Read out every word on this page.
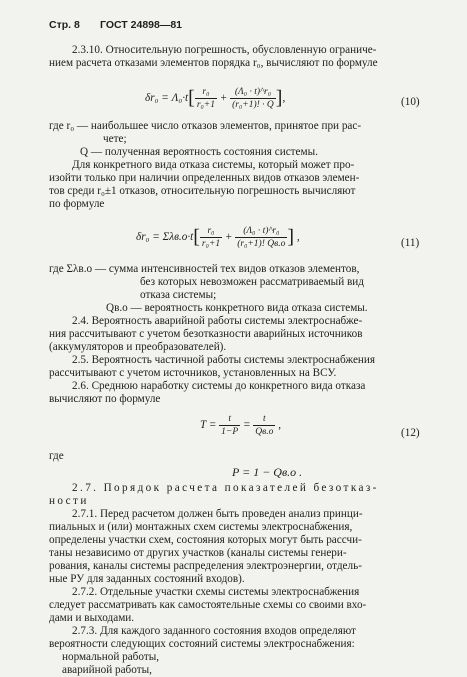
Стр. 8 ГОСТ 24898—81
2.3.10. Относительную погрешность, обусловленную ограниче-
нием расчета отказами элементов порядка r₀, вычисляют по формуле
где r₀ — наибольшее число отказов элементов, принятое при рас-
чете;
Q — полученная вероятность состояния системы.
Для конкретного вида отказа системы, который может про-
изойти только при наличии определенных видов отказов элемен-
тов среди r₀±1 отказов, относительную погрешность вычисляют
по формуле
где Σλв.о — сумма интенсивностей тех видов отказов элементов,
без которых невозможен рассматриваемый вид
отказа системы;
Qв.о — вероятность конкретного вида отказа системы.
2.4. Вероятность аварийной работы системы электроснабже-
ния рассчитывают с учетом безотказности аварийных источников
(аккумуляторов и преобразователей).
2.5. Вероятность частичной работы системы электроснабжения
рассчитывают с учетом источников, установленных на ВСУ.
2.6. Среднюю наработку системы до конкретного вида отказа
вычисляют по формуле
где
2.7.1. Перед расчетом должен быть проведен анализ принци-
пиальных и (или) монтажных схем системы электроснабжения,
определены участки схем, состояния которых могут быть рассчи-
таны независимо от других участков (каналы системы генери-
рования, каналы системы распределения электроэнергии, отдель-
ные РУ для заданных состояний входов).
2.7.2. Отдельные участки схемы системы электроснабжения
следует рассматривать как самостоятельные схемы со своими вхо-
дами и выходами.
2.7.3. Для каждого заданного состояния входов определяют
вероятности следующих состояний системы электроснабжения:
нормальной работы,
аварийной работы,
$\delta r_0 = \Lambda_0\cdot t[ \frac{\text{r₀}}{\text{r₀+1}} + \frac{\text{(Λ₀ · t)\textasciicircum{}r₀}}{\text{(r₀+1)! · Q}}$ ],	(10)
$\delta r_0 = \Sigma\lambda в.о\cdot t[ \frac{\text{r₀}}{\text{r₀+1}} + \frac{\text{(Λ₀ · t)\textasciicircum{}r₀}}{\text{(r₀+1)! Qв.о}}$ ] ,	(11)
$T = \frac{t}{1-P} = \frac{t}{Qв.о}$ ,
(12)
P = 1 − Qв.о .
2.7. Порядок расчета показателей безотказ-
ности
